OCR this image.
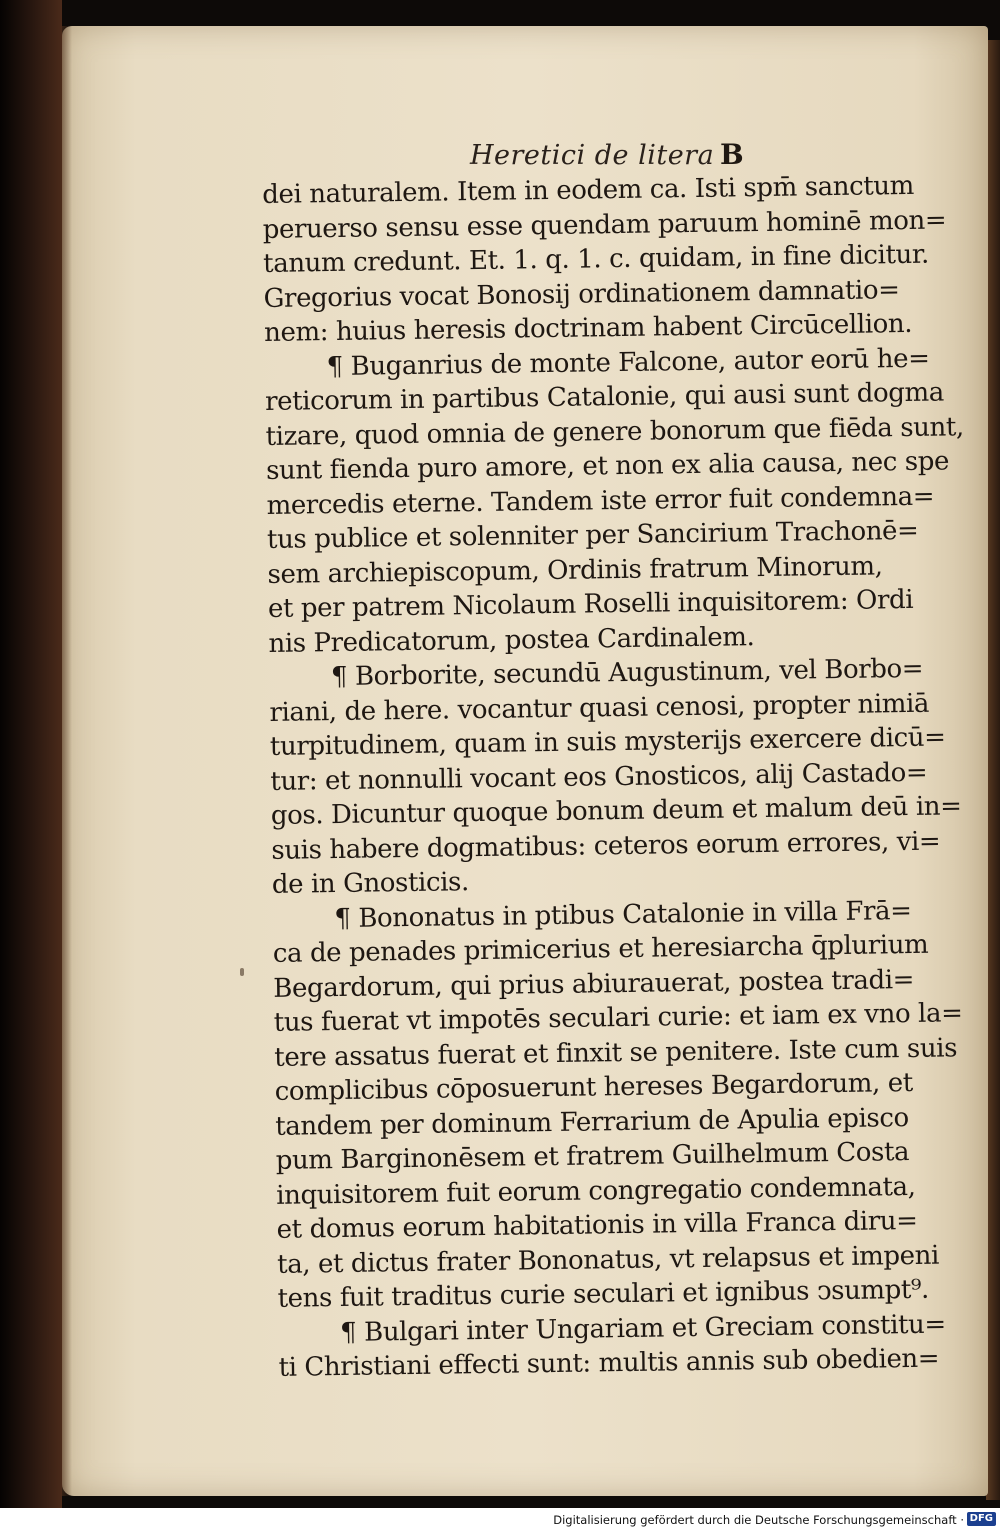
Heretici de litera B
dei naturalem. Item in eodem ca. Isti spm̄ sanctum
peruerso sensu esse quendam paruum hominē mon=
tanum credunt. Et. 1. q. 1. c. quidam, in fine dicitur.
Gregorius vocat Bonosij ordinationem damnatio=
nem: huius heresis doctrinam habent Circūcellion.
¶ Buganrius de monte Falcone, autor eorū he=
reticorum in partibus Catalonie, qui ausi sunt dogma
tizare, quod omnia de genere bonorum que fiēda sunt,
sunt fienda puro amore, et non ex alia causa, nec spe
mercedis eterne. Tandem iste error fuit condemna=
tus publice et solenniter per Sancirium Trachonē=
sem archiepiscopum, Ordinis fratrum Minorum,
et per patrem Nicolaum Roselli inquisitorem: Ordi
nis Predicatorum, postea Cardinalem.
¶ Borborite, secundū Augustinum, vel Borbo=
riani, de here. vocantur quasi cenosi, propter nimiā
turpitudinem, quam in suis mysterijs exercere dicū=
tur: et nonnulli vocant eos Gnosticos, alij Castado=
gos. Dicuntur quoque bonum deum et malum deū in=
suis habere dogmatibus: ceteros eorum errores, vi=
de in Gnosticis.
¶ Bononatus in ptibus Catalonie in villa Frā=
ca de penades primicerius et heresiarcha q̄plurium
Begardorum, qui prius abiurauerat, postea tradi=
tus fuerat vt impotēs seculari curie: et iam ex vno la=
tere assatus fuerat et finxit se penitere. Iste cum suis
complicibus cōposuerunt hereses Begardorum, et
tandem per dominum Ferrarium de Apulia episco
pum Barginonēsem et fratrem Guilhelmum Costa
inquisitorem fuit eorum congregatio condemnata,
et domus eorum habitationis in villa Franca diru=
ta, et dictus frater Bononatus, vt relapsus et impeni
tens fuit traditus curie seculari et ignibus ↄsumpt⁹.
¶ Bulgari inter Ungariam et Greciam constitu=
ti Christiani effecti sunt: multis annis sub obedien=
Digitalisierung gefördert durch die Deutsche Forschungsgemeinschaft · DFG
